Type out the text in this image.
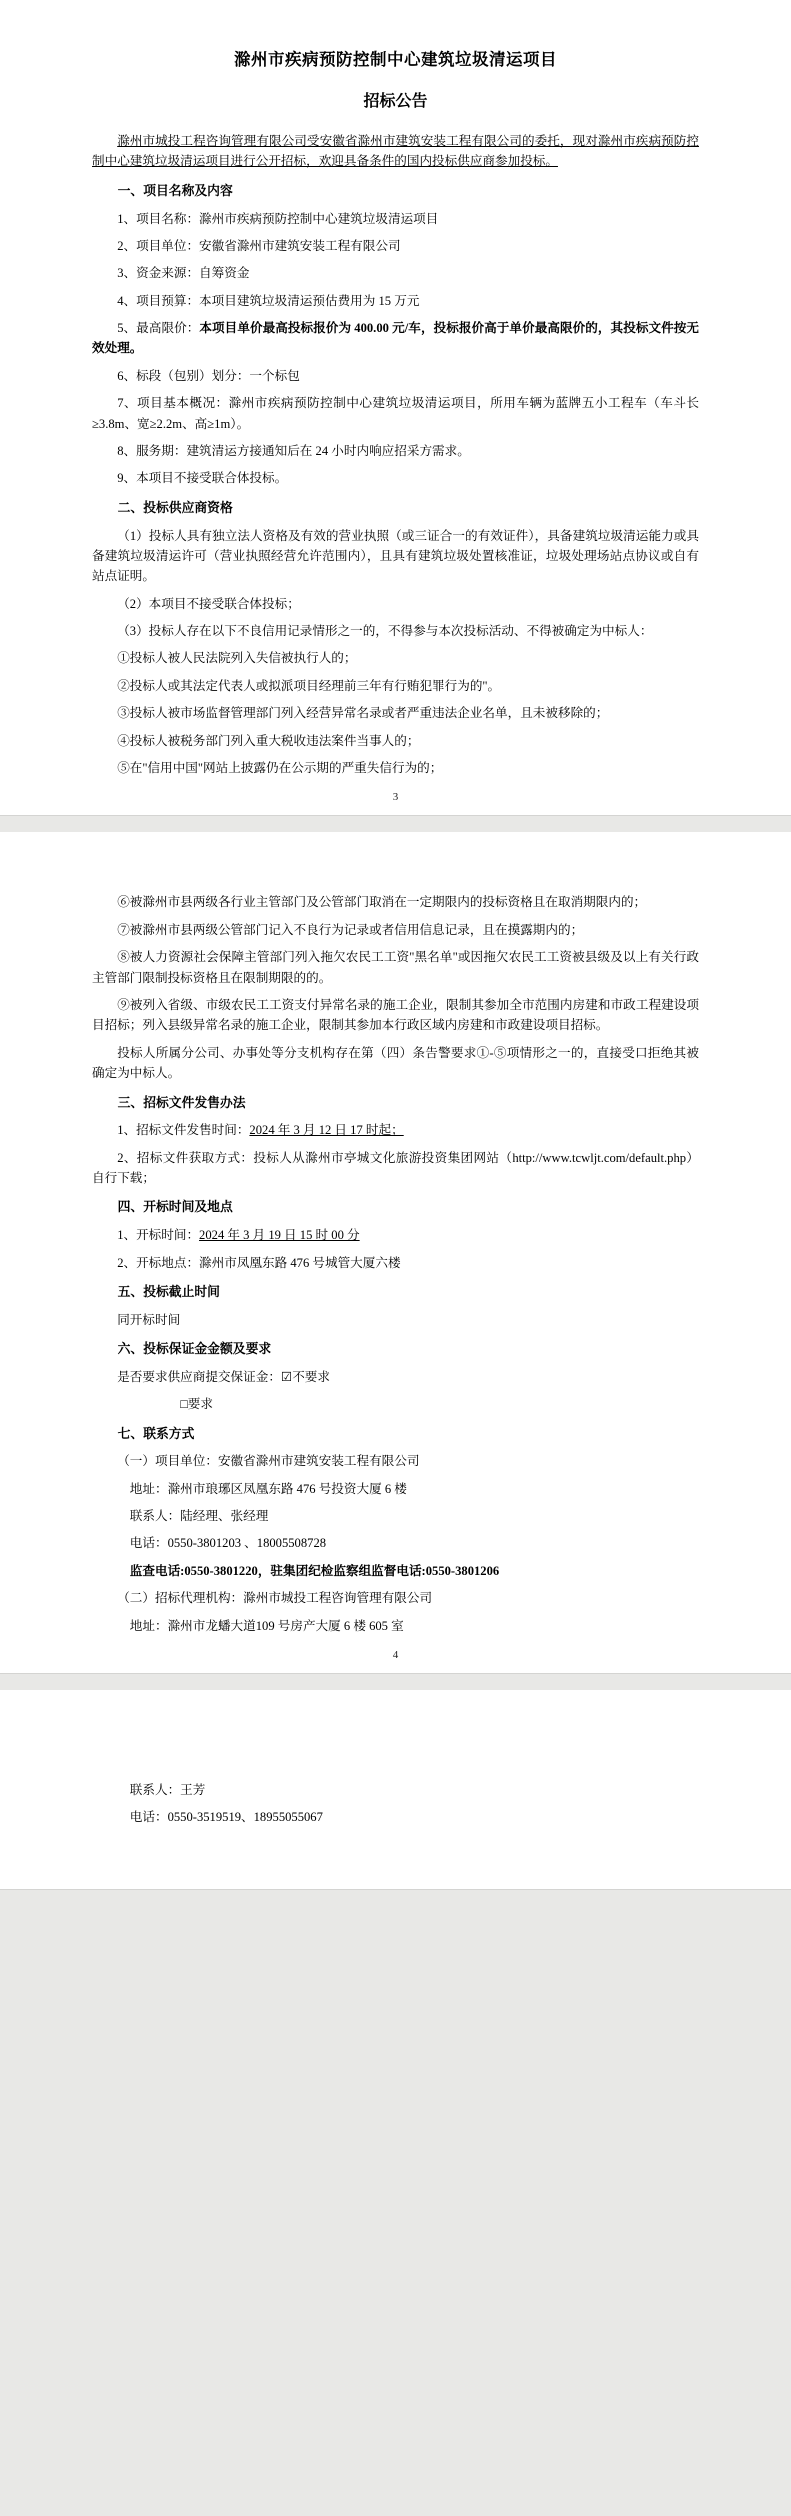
滁州市疾病预防控制中心建筑垃圾清运项目
招标公告

滁州市城投工程咨询管理有限公司受安徽省滁州市建筑安装工程有限公司的委托，现对滁州市疾病预防控制中心建筑垃圾清运项目进行公开招标，欢迎具备条件的国内投标供应商参加投标。

一、项目名称及内容

1、项目名称：滁州市疾病预防控制中心建筑垃圾清运项目

2、项目单位：安徽省滁州市建筑安装工程有限公司

3、资金来源：自筹资金

4、项目预算：本项目建筑垃圾清运预估费用为 15 万元

5、最高限价：本项目单价最高投标报价为 400.00 元/车，投标报价高于单价最高限价的，其投标文件按无效处理。

6、标段（包别）划分：一个标包

7、项目基本概况：滁州市疾病预防控制中心建筑垃圾清运项目，所用车辆为蓝牌五小工程车（车斗长≥3.8m、宽≥2.2m、高≥1m）。

8、服务期：建筑清运方接通知后在 24 小时内响应招采方需求。

9、本项目不接受联合体投标。

二、投标供应商资格

（1）投标人具有独立法人资格及有效的营业执照（或三证合一的有效证件），具备建筑垃圾清运能力或具备建筑垃圾清运许可（营业执照经营允许范围内），且具有建筑垃圾处置核准证，垃圾处理场站点协议或自有站点证明。

（2）本项目不接受联合体投标；

（3）投标人存在以下不良信用记录情形之一的，不得参与本次投标活动、不得被确定为中标人：

①投标人被人民法院列入失信被执行人的；

②投标人或其法定代表人或拟派项目经理前三年有行贿犯罪行为的"。

③投标人被市场监督管理部门列入经营异常名录或者严重违法企业名单，且未被移除的；

④投标人被税务部门列入重大税收违法案件当事人的；

⑤在"信用中国"网站上披露仍在公示期的严重失信行为的；

3

⑥被滁州市县两级各行业主管部门及公管部门取消在一定期限内的投标资格且在取消期限内的；

⑦被滁州市县两级公管部门记入不良行为记录或者信用信息记录，且在摸露期内的；

⑧被人力资源社会保障主管部门列入拖欠农民工工资"黑名单"或因拖欠农民工工资被县级及以上有关行政主管部门限制投标资格且在限制期限的的。

⑨被列入省级、市级农民工工资支付异常名录的施工企业，限制其参加全市范围内房建和市政工程建设项目招标；列入县级异常名录的施工企业，限制其参加本行政区域内房建和市政建设项目招标。

投标人所属分公司、办事处等分支机构存在第（四）条告警要求①-⑤项情形之一的，直接受口拒绝其被确定为中标人。

三、招标文件发售办法

1、招标文件发售时间：2024 年 3 月 12 日 17 时起；

2、招标文件获取方式：投标人从滁州市亭城文化旅游投资集团网站（http://www.tcwljt.com/default.php）自行下载；

四、开标时间及地点

1、开标时间：2024 年 3 月 19 日 15 时 00 分

2、开标地点：滁州市凤凰东路 476 号城管大厦六楼

五、投标截止时间

同开标时间

六、投标保证金金额及要求

是否要求供应商提交保证金：☑不要求

□要求

七、联系方式

（一）项目单位：安徽省滁州市建筑安装工程有限公司

地址：滁州市琅琊区凤凰东路 476 号投资大厦 6 楼

联系人：陆经理、张经理

电话：0550-3801203 、18005508728

监查电话:0550-3801220，驻集团纪检监察组监督电话:0550-3801206

（二）招标代理机构：滁州市城投工程咨询管理有限公司

地址：滁州市龙蟠大道109 号房产大厦 6 楼 605 室

4

联系人：王芳

电话：0550-3519519、18955055067
